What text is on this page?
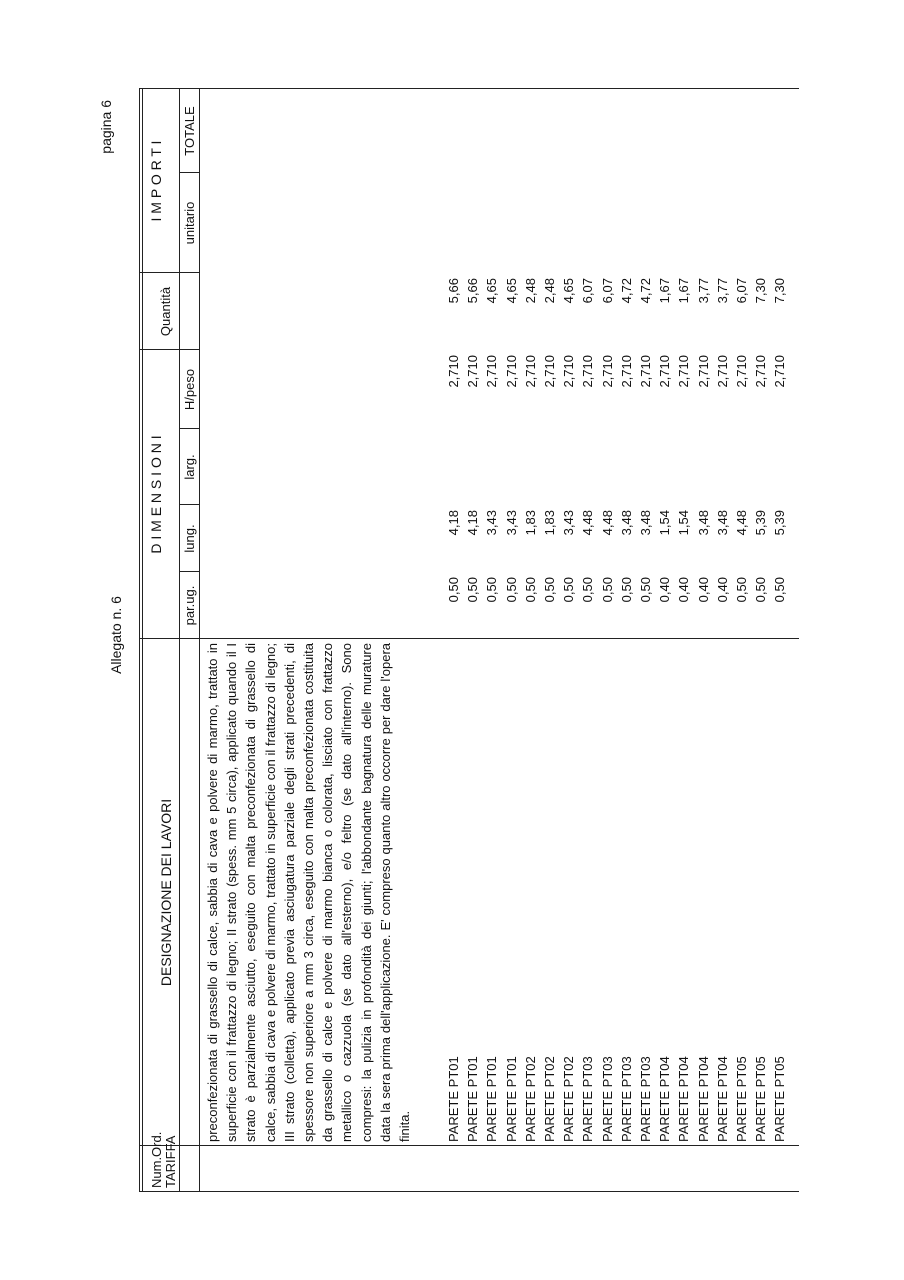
Allegato n. 6
pagina 6
Num.Ord. TARIFFA
DESIGNAZIONE DEI LAVORI
D I M E N S I O N I
par.ug.
lung.
larg.
H/peso
Quantità
I M P O R T I
unitario
TOTALE
preconfezionata di grassello di calce, sabbia di cava e polvere di marmo, trattato in superficie con il frattazzo di legno; II strato (spess. mm 5 circa), applicato quando il I strato è parzialmente asciutto, eseguito con malta preconfezionata di grassello di calce, sabbia di cava e polvere di marmo, trattato in superficie con il frattazzo di legno; III strato (colletta), applicato previa asciugatura parziale degli strati precedenti, di spessore non superiore a mm 3 circa, eseguito con malta preconfezionata costituita da grassello di calce e polvere di marmo bianca o colorata, lisciato con frattazzo metallico o cazzuola (se dato all'esterno), e/o feltro (se dato all'interno). Sono compresi: la pulizia in profondità dei giunti; l'abbondante bagnatura delle murature data la sera prima dell'applicazione. E' compreso quanto altro occorre per dare l'opera finita.	PARETE PT01
0,50
4,18
2,710
5,66
PARETE PT01
0,50
4,18
2,710
5,66
PARETE PT01
0,50
3,43
2,710
4,65
PARETE PT01
0,50
3,43
2,710
4,65
PARETE PT02
0,50
1,83
2,710
2,48
PARETE PT02
0,50
1,83
2,710
2,48
PARETE PT02
0,50
3,43
2,710
4,65
PARETE PT03
0,50
4,48
2,710
6,07
PARETE PT03
0,50
4,48
2,710
6,07
PARETE PT03
0,50
3,48
2,710
4,72
PARETE PT03
0,50
3,48
2,710
4,72
PARETE PT04
0,40
1,54
2,710
1,67
PARETE PT04
0,40
1,54
2,710
1,67
PARETE PT04
0,40
3,48
2,710
3,77
PARETE PT04
0,40
3,48
2,710
3,77
PARETE PT05
0,50
4,48
2,710
6,07
PARETE PT05
0,50
5,39
2,710
7,30
PARETE PT05
0,50
5,39
2,710
7,30
